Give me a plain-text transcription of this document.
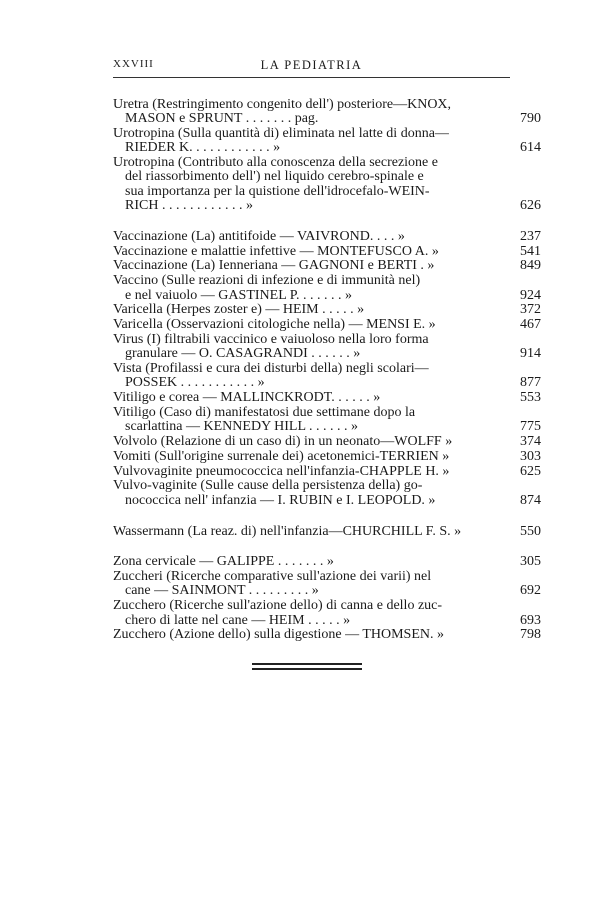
XXVIII	LA PEDIATRIA
Uretra (Restringimento congenito dell') posteriore—KNOX,
MASON e SPRUNT . . . . . . . pag.	790
Urotropina (Sulla quantità di) eliminata nel latte di donna—
RIEDER K. . . . . . . . . . . . »	614
Urotropina (Contributo alla conoscenza della secrezione e
del riassorbimento dell') nel liquido cerebro-spinale e
sua importanza per la quistione dell'idrocefalo-WEIN-
RICH . . . . . . . . . . . . »	626
Vaccinazione (La) antitifoide — VAIVROND. . . . »	237
Vaccinazione e malattie infettive — MONTEFUSCO A. »	541
Vaccinazione (La) Ienneriana — GAGNONI e BERTI . »	849
Vaccino (Sulle reazioni di infezione e di immunità nel)
e nel vaiuolo — GASTINEL P. . . . . . . »	924
Varicella (Herpes zoster e) — HEIM . . . . . »	372
Varicella (Osservazioni citologiche nella) — MENSI E. »	467
Virus (I) filtrabili vaccinico e vaiuoloso nella loro forma
granulare — O. CASAGRANDI . . . . . . »	914
Vista (Profilassi e cura dei disturbi della) negli scolari—
POSSEK . . . . . . . . . . . »	877
Vitiligo e corea — MALLINCKRODT. . . . . . »	553
Vitiligo (Caso di) manifestatosi due settimane dopo la
scarlattina — KENNEDY HILL . . . . . . »	775
Volvolo (Relazione di un caso di) in un neonato—WOLFF »	374
Vomiti (Sull'origine surrenale dei) acetonemici-TERRIEN »	303
Vulvovaginite pneumococcica nell'infanzia-CHAPPLE H. »	625
Vulvo-vaginite (Sulle cause della persistenza della) go-
nococcica nell' infanzia — I. RUBIN e I. LEOPOLD. »	874
Wassermann (La reaz. di) nell'infanzia—CHURCHILL F. S. »	550
Zona cervicale — GALIPPE . . . . . . . »	305
Zuccheri (Ricerche comparative sull'azione dei varii) nel
cane — SAINMONT . . . . . . . . . »	692
Zucchero (Ricerche sull'azione dello) di canna e dello zuc-
chero di latte nel cane — HEIM . . . . . »	693
Zucchero (Azione dello) sulla digestione — THOMSEN. »	798
